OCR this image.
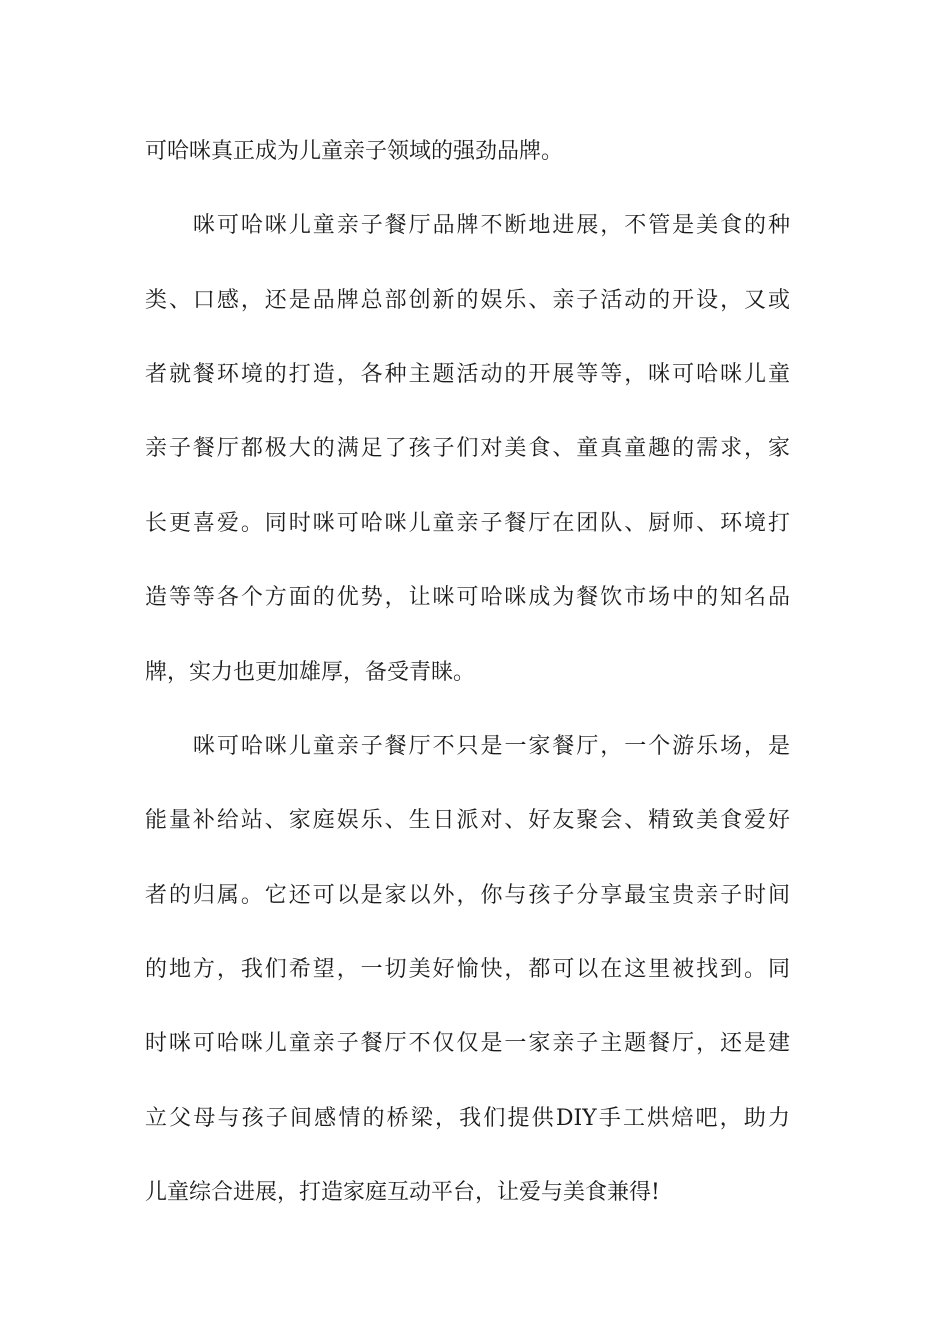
可哈咪真正成为儿童亲子领域的强劲品牌。
咪可哈咪儿童亲子餐厅品牌不断地进展，不管是美食的种
类、口感，还是品牌总部创新的娱乐、亲子活动的开设，又或
者就餐环境的打造，各种主题活动的开展等等，咪可哈咪儿童
亲子餐厅都极大的满足了孩子们对美食、童真童趣的需求，家
长更喜爱。同时咪可哈咪儿童亲子餐厅在团队、厨师、环境打
造等等各个方面的优势，让咪可哈咪成为餐饮市场中的知名品
牌，实力也更加雄厚，备受青睐。
咪可哈咪儿童亲子餐厅不只是一家餐厅，一个游乐场，是
能量补给站、家庭娱乐、生日派对、好友聚会、精致美食爱好
者的归属。它还可以是家以外，你与孩子分享最宝贵亲子时间
的地方，我们希望，一切美好愉快，都可以在这里被找到。同
时咪可哈咪儿童亲子餐厅不仅仅是一家亲子主题餐厅，还是建
立父母与孩子间感情的桥梁，我们提供DIY手工烘焙吧，助力
儿童综合进展，打造家庭互动平台，让爱与美食兼得!
